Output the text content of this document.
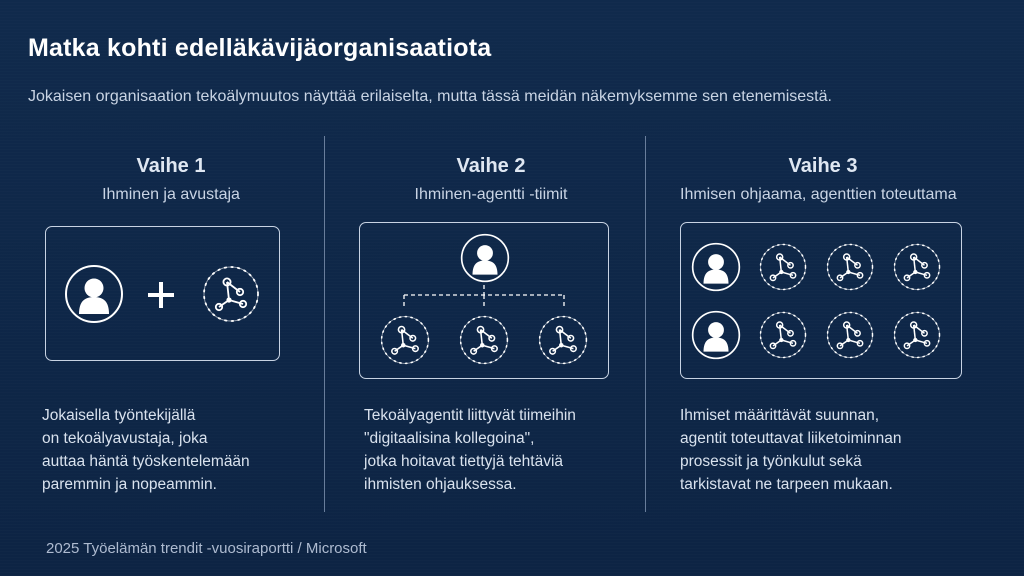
Matka kohti edelläkävijäorganisaatiota
Jokaisen organisaation tekoälymuutos näyttää erilaiselta, mutta tässä meidän näkemyksemme sen etenemisestä.
Vaihe 1
Ihminen ja avustaja
Jokaisella työntekijällä
on tekoälyavustaja, joka
auttaa häntä työskentelemään
paremmin ja nopeammin.
Vaihe 2
Ihminen-agentti -tiimit
Tekoälyagentit liittyvät tiimeihin
"digitaalisina kollegoina",
jotka hoitavat tiettyjä tehtäviä
ihmisten ohjauksessa.
Vaihe 3
Ihmisen ohjaama, agenttien toteuttama
Ihmiset määrittävät suunnan,
agentit toteuttavat liiketoiminnan
prosessit ja työnkulut sekä
tarkistavat ne tarpeen mukaan.
2025 Työelämän trendit -vuosiraportti / Microsoft
